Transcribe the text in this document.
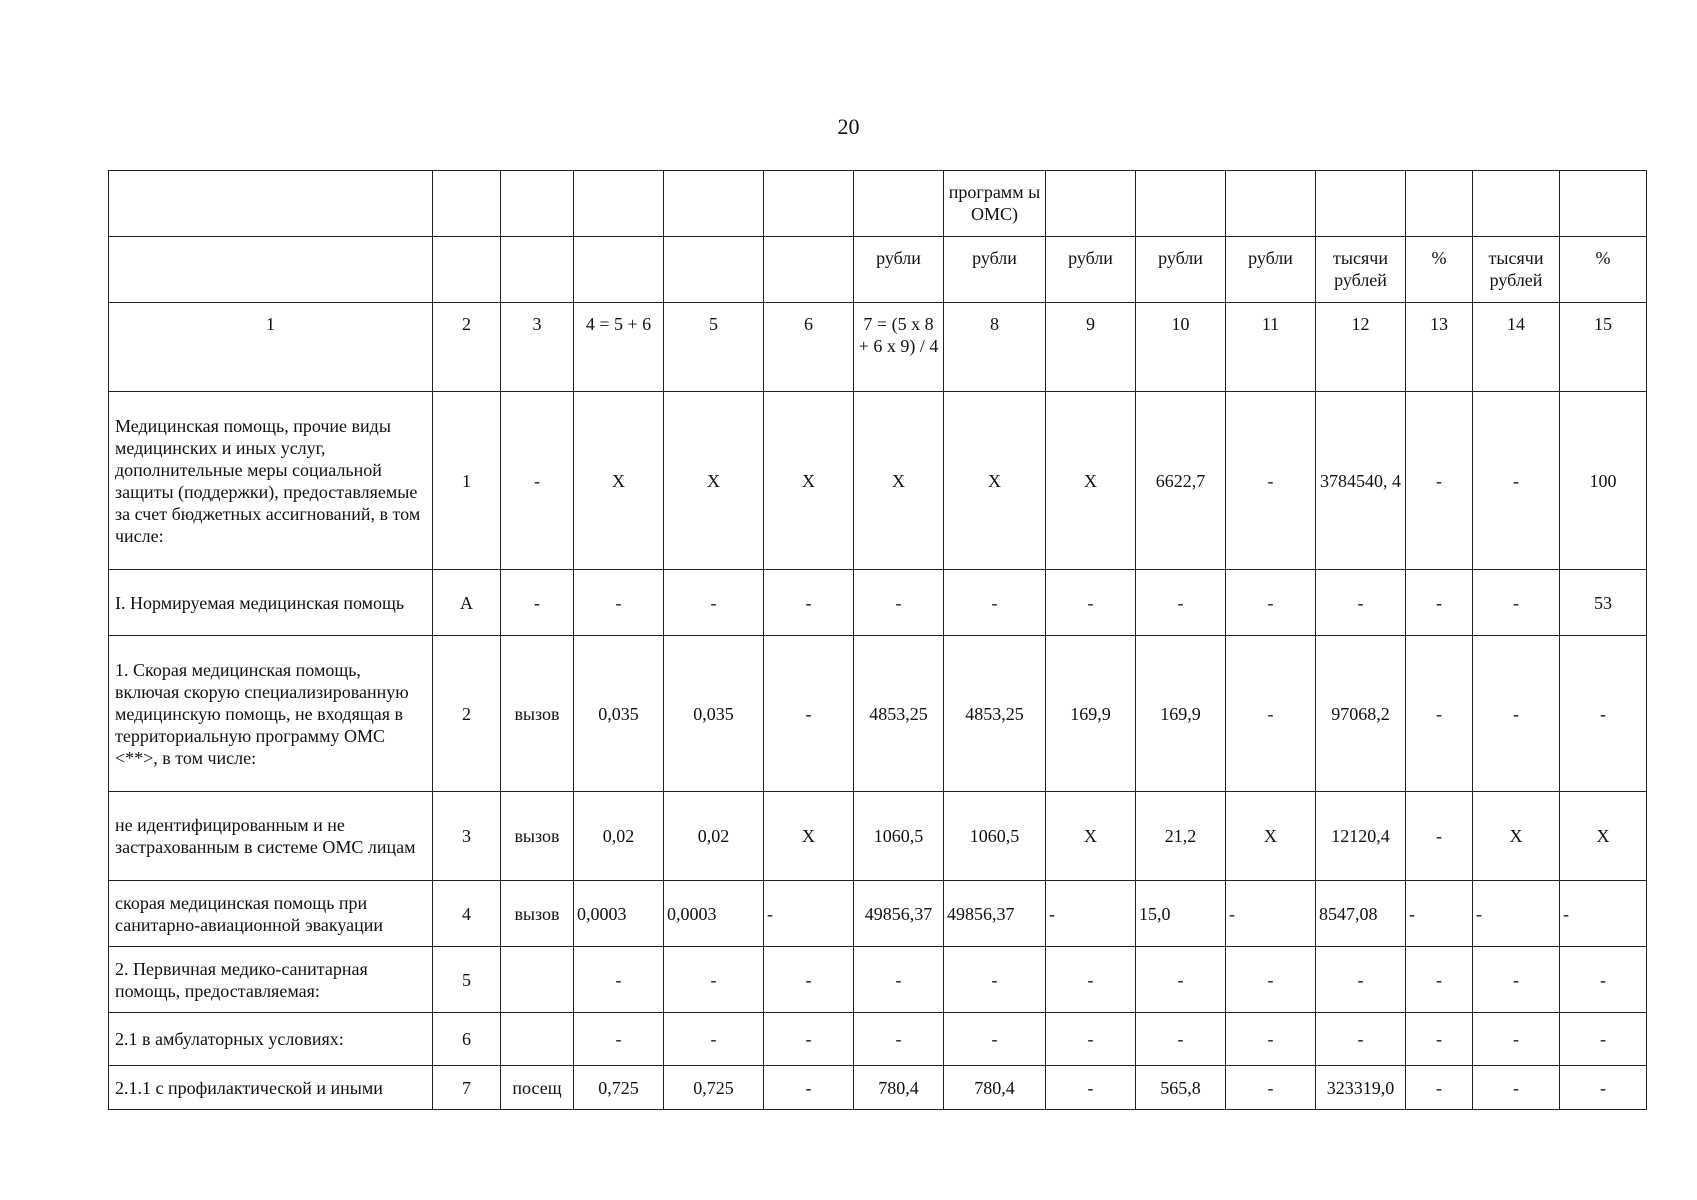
20
							программ ы ОМС)							
						рубли	рубли	рубли	рубли	рубли	тысячи рублей	%	тысячи рублей	%
1	2	3	4 = 5 + 6	5	6	7 = (5 x 8 + 6 x 9) / 4	8	9	10	11	12	13	14	15
Медицинская помощь, прочие виды медицинских и иных услуг, дополнительные меры социальной защиты (поддержки), предоставляемые за счет бюджетных ассигнований, в том числе:	1	-	X	X	X	X	X	X	6622,7	-	3784540, 4	-	-	100
I. Нормируемая медицинская помощь	А	-	-	-	-	-	-	-	-	-	-	-	-	53
1. Скорая медицинская помощь, включая скорую специализированную медицинскую помощь, не входящая в территориальную программу ОМС <**>, в том числе:	2	вызов	0,035	0,035	-	4853,25	4853,25	169,9	169,9	-	97068,2	-	-	-
не идентифицированным и не застрахованным в системе ОМС лицам	3	вызов	0,02	0,02	X	1060,5	1060,5	X	21,2	X	12120,4	-	X	X
скорая медицинская помощь при санитарно-авиационной эвакуации	4	вызов	0,0003	0,0003	-	49856,37	49856,37	-	15,0	-	8547,08	-	-	-
2. Первичная медико-санитарная помощь, предоставляемая:	5		-	-	-	-	-	-	-	-	-	-	-	-
2.1 в амбулаторных условиях:	6		-	-	-	-	-	-	-	-	-	-	-	-
2.1.1 с профилактической и иными	7	посещ	0,725	0,725	-	780,4	780,4	-	565,8	-	323319,0	-	-	-
